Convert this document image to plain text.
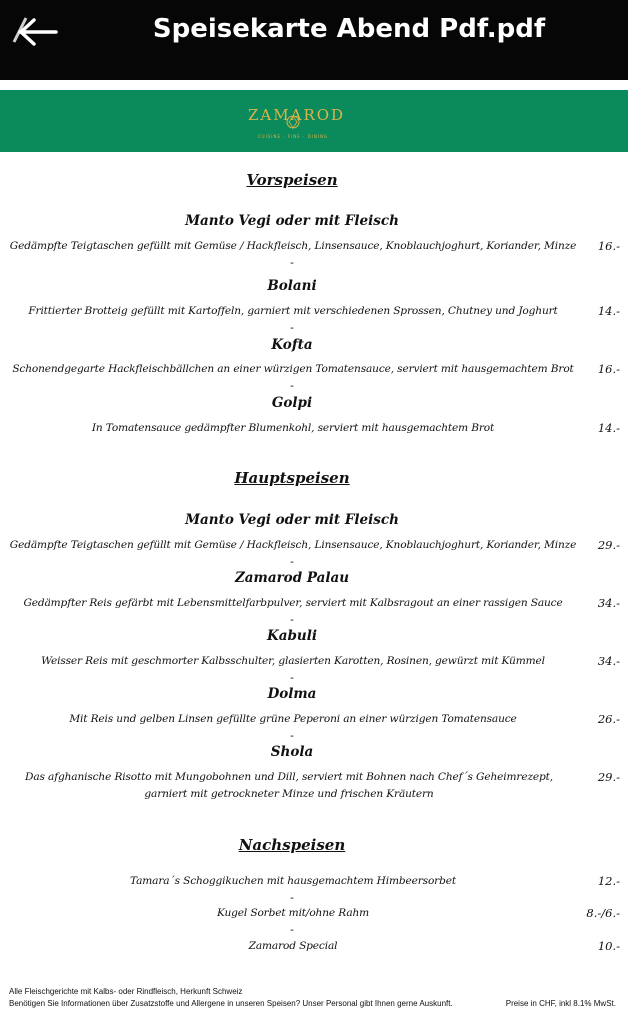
Speisekarte Abend Pdf.pdf
ZAMAROD
CUISINE · FINE · DINING
Vorspeisen
Manto Vegi oder mit Fleisch
Gedämpfte Teigtaschen gefüllt mit Gemüse / Hackfleisch, Linsensauce, Knoblauchjoghurt, Koriander, Minze	16.-
-
Bolani
Frittierter Brotteig gefüllt mit Kartoffeln, garniert mit verschiedenen Sprossen, Chutney und Joghurt	14.-
-
Kofta
Schonendgegarte Hackfleischbällchen an einer würzigen Tomatensauce, serviert mit hausgemachtem Brot	16.-
-
Golpi
In Tomatensauce gedämpfter Blumenkohl, serviert mit hausgemachtem Brot	14.-
Hauptspeisen
Manto Vegi oder mit Fleisch
Gedämpfte Teigtaschen gefüllt mit Gemüse / Hackfleisch, Linsensauce, Knoblauchjoghurt, Koriander, Minze	29.-
-
Zamarod Palau
Gedämpfter Reis gefärbt mit Lebensmittelfarbpulver, serviert mit Kalbsragout an einer rassigen Sauce	34.-
-
Kabuli
Weisser Reis mit geschmorter Kalbsschulter, glasierten Karotten, Rosinen, gewürzt mit Kümmel	34.-
-
Dolma
Mit Reis und gelben Linsen gefüllte grüne Peperoni an einer würzigen Tomatensauce	26.-
-
Shola
Das afghanische Risotto mit Mungobohnen und Dill, serviert mit Bohnen nach Chef´s Geheimrezept, garniert mit getrockneter Minze und frischen Kräutern
29.-
Nachspeisen
Tamara´s Schoggikuchen mit hausgemachtem Himbeersorbet	12.-
-
Kugel Sorbet mit/ohne Rahm	8.-/6.-
-
Zamarod Special	10.-
Alle Fleischgerichte mit Kalbs- oder Rindfleisch, Herkunft Schweiz
Benötigen Sie Informationen über Zusatzstoffe und Allergene in unseren Speisen? Unser Personal gibt Ihnen gerne Auskunft.	Preise in CHF, inkl 8.1% MwSt.
